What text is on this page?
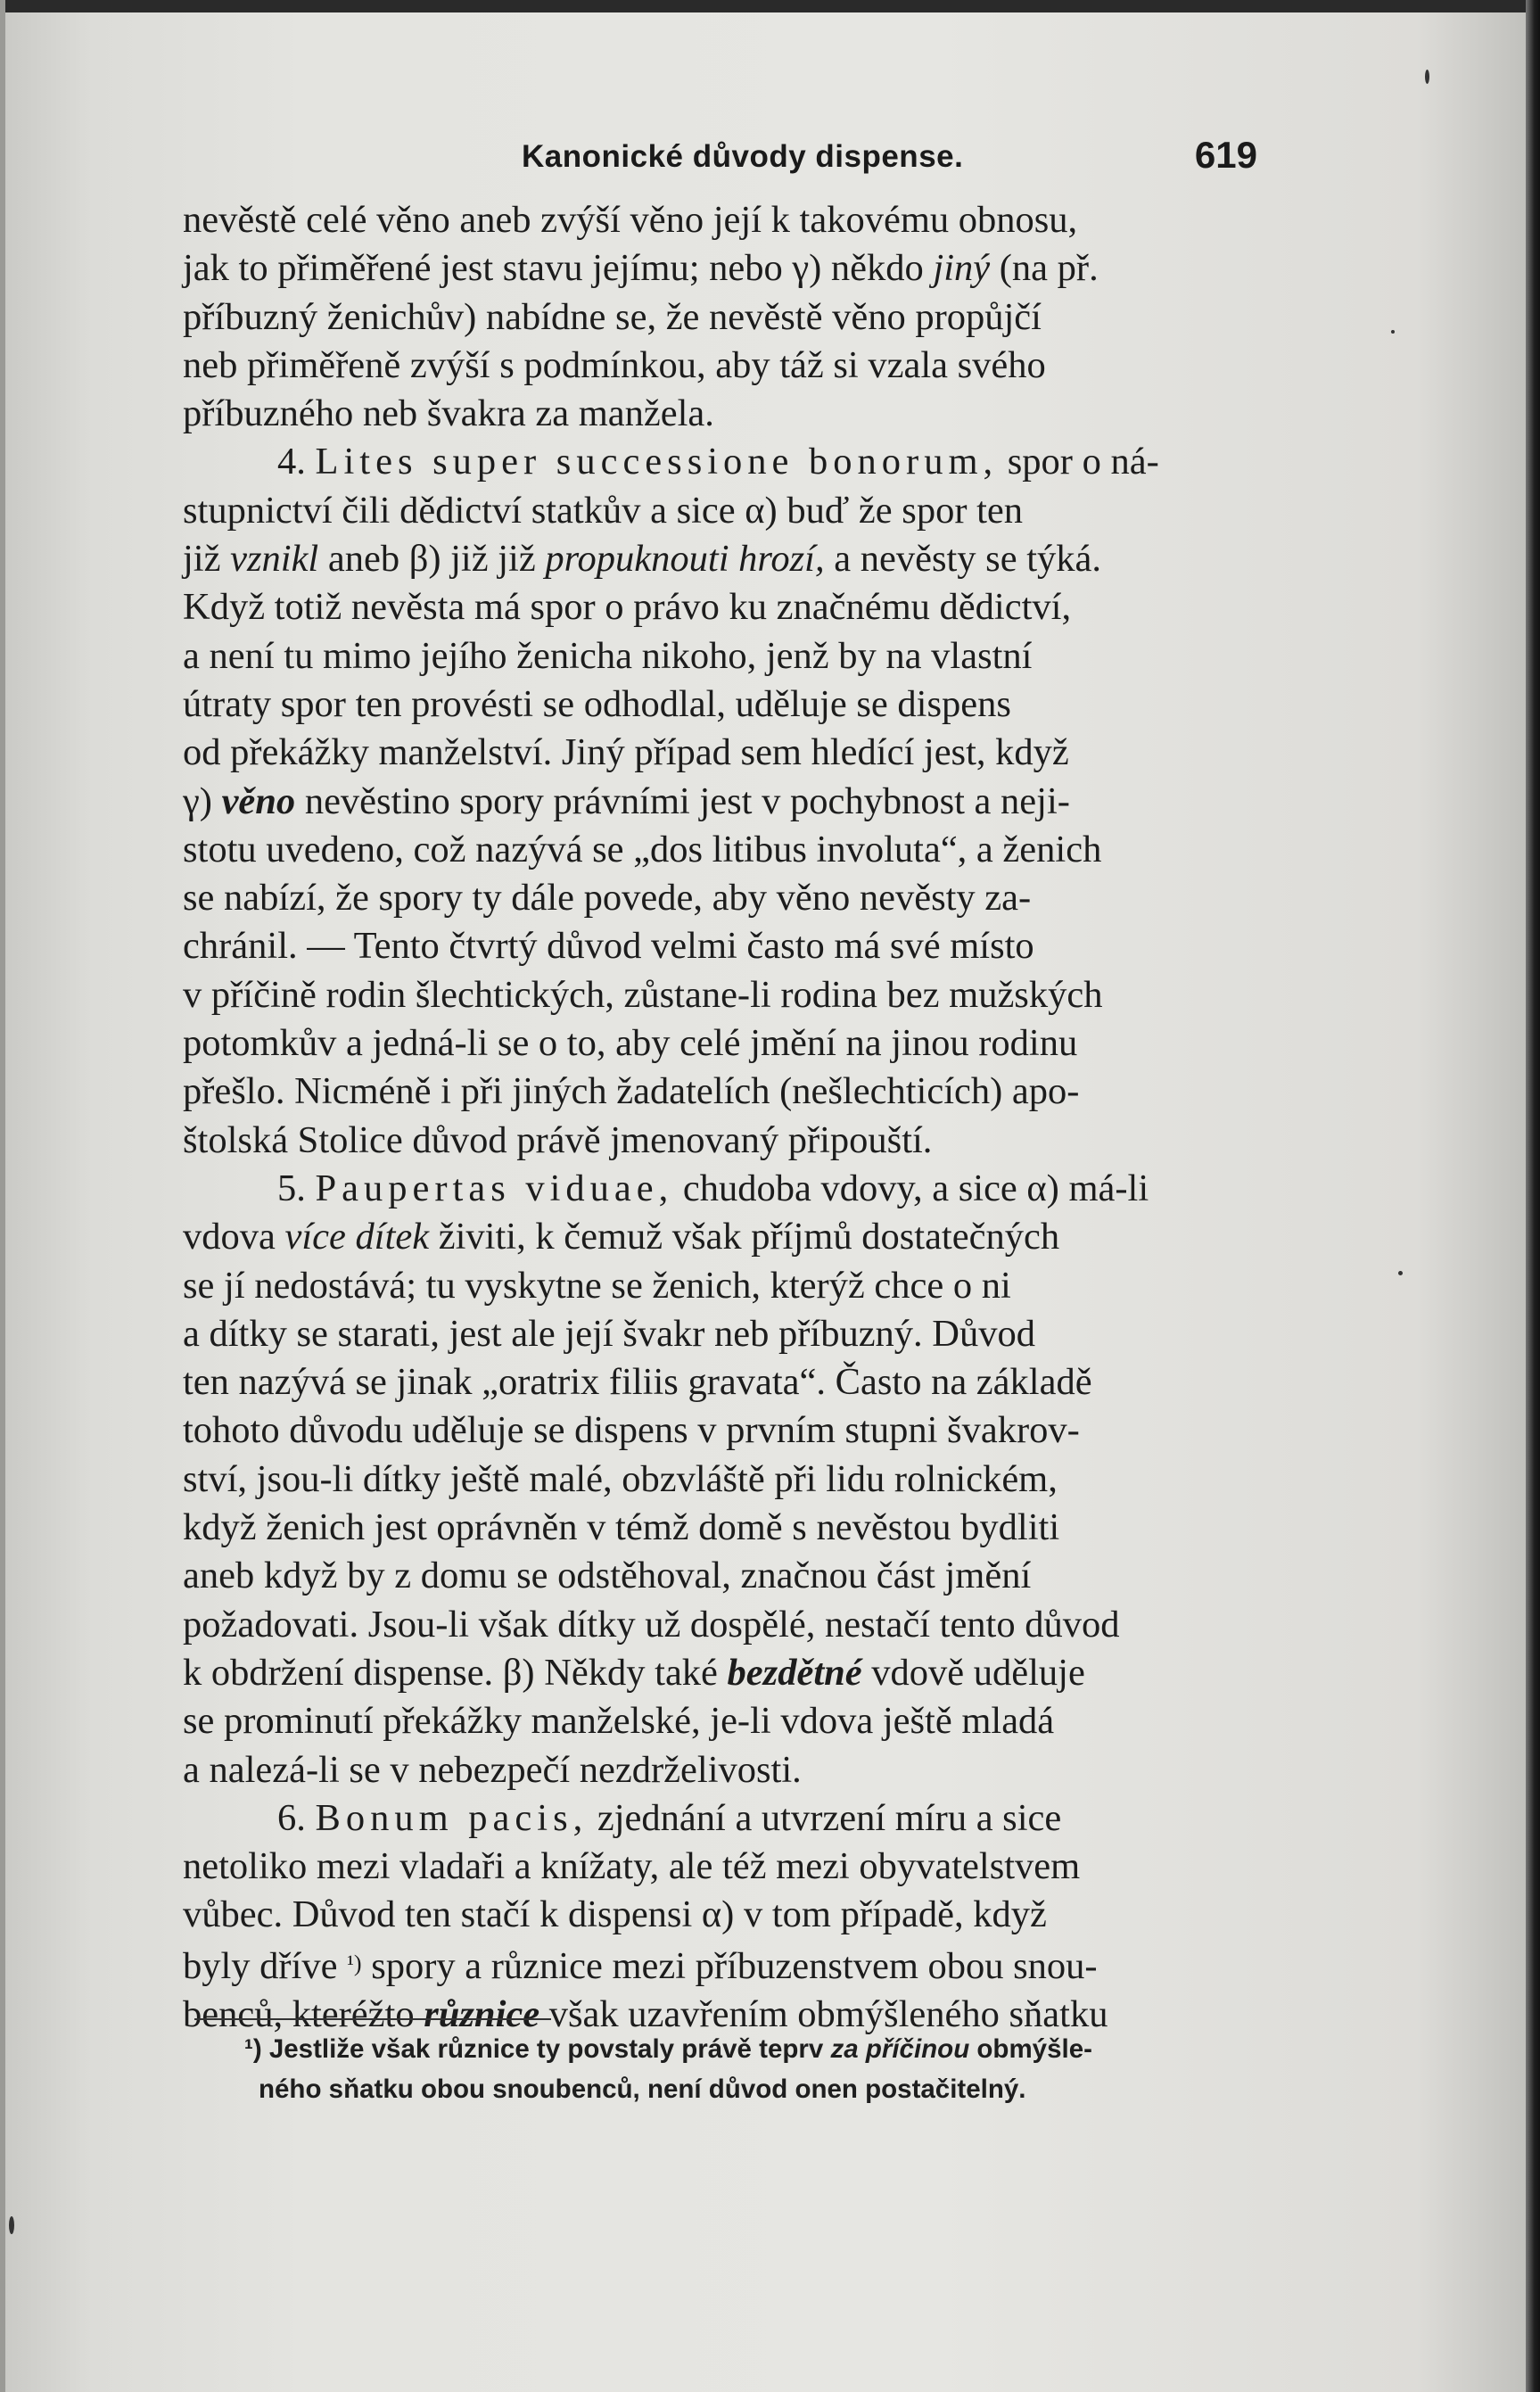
Kanonické důvody dispense.	619

nevěstě celé věno aneb zvýší věno její k takovému obnosu,

jak to přiměřené jest stavu jejímu; nebo γ) někdo jiný (na př.

příbuzný ženichův) nabídne se, že nevěstě věno propůjčí

neb přiměřeně zvýší s podmínkou, aby táž si vzala svého

příbuzného neb švakra za manžela.

4. Lites super successione bonorum, spor o ná-

stupnictví čili dědictví statkův a sice α) buď že spor ten

již vznikl aneb β) již již propuknouti hrozí, a nevěsty se týká.

Když totiž nevěsta má spor o právo ku značnému dědictví,

a není tu mimo jejího ženicha nikoho, jenž by na vlastní

útraty spor ten provésti se odhodlal, uděluje se dispens

od překážky manželství. Jiný případ sem hledící jest, když

γ) věno nevěstino spory právními jest v pochybnost a neji-

stotu uvedeno, což nazývá se „dos litibus involuta“, a ženich

se nabízí, že spory ty dále povede, aby věno nevěsty za-

chránil. — Tento čtvrtý důvod velmi často má své místo

v příčině rodin šlechtických, zůstane-li rodina bez mužských

potomkův a jedná-li se o to, aby celé jmění na jinou rodinu

přešlo. Nicméně i při jiných žadatelích (nešlechticích) apo-

štolská Stolice důvod právě jmenovaný připouští.

5. Paupertas viduae, chudoba vdovy, a sice α) má-li

vdova více dítek živiti, k čemuž však příjmů dostatečných

se jí nedostává; tu vyskytne se ženich, kterýž chce o ni

a dítky se starati, jest ale její švakr neb příbuzný. Důvod

ten nazývá se jinak „oratrix filiis gravata“. Často na základě

tohoto důvodu uděluje se dispens v prvním stupni švakrov-

ství, jsou-li dítky ještě malé, obzvláště při lidu rolnickém,

když ženich jest oprávněn v témž domě s nevěstou bydliti

aneb když by z domu se odstěhoval, značnou část jmění

požadovati. Jsou-li však dítky už dospělé, nestačí tento důvod

k obdržení dispense. β) Někdy také bezdětné vdově uděluje

se prominutí překážky manželské, je-li vdova ještě mladá

a nalezá-li se v nebezpečí nezdrželivosti.

6. Bonum pacis, zjednání a utvrzení míru a sice

netoliko mezi vladaři a knížaty, ale též mezi obyvatelstvem

vůbec. Důvod ten stačí k dispensi α) v tom případě, když

byly dříve ¹) spory a různice mezi příbuzenstvem obou snou-

benců, kteréžto různice však uzavřením obmýšleného sňatku

¹) Jestliže však různice ty povstaly právě teprv za příčinou obmýšle-
ného sňatku obou snoubenců, není důvod onen postačitelný.
